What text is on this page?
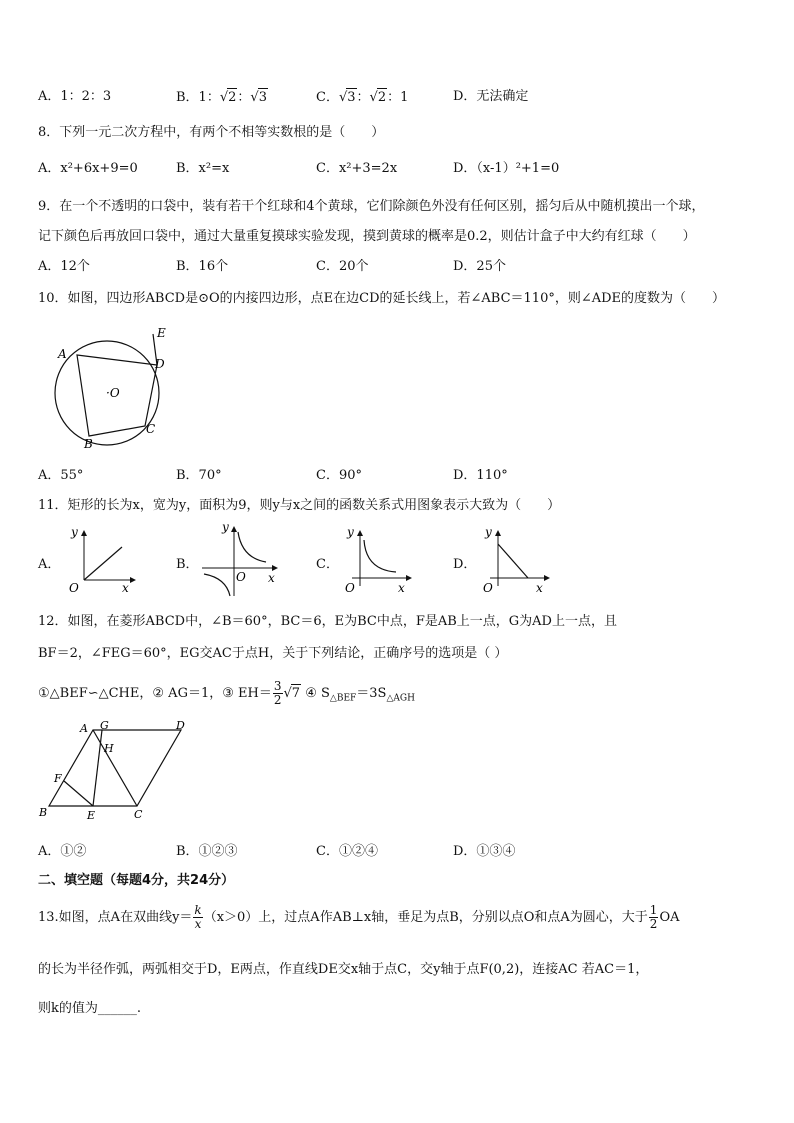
A．1：2：3	B．1：√2：√3	C．√3：√2：1	D．无法确定
8．下列一元二次方程中，有两个不相等实数根的是（　　）
A．x²+6x+9=0	B．x²=x	C．x²+3=2x	D．（x-1）²+1=0
9．在一个不透明的口袋中，装有若干个红球和4个黄球，它们除颜色外没有任何区别，摇匀后从中随机摸出一个球，
记下颜色后再放回口袋中，通过大量重复摸球实验发现，摸到黄球的概率是0.2，则估计盒子中大约有红球（　　）
A．12个	B．16个	C．20个	D．25个
10．如图，四边形ABCD是⊙O的内接四边形，点E在边CD的延长线上，若∠ABC＝110°，则∠ADE的度数为（　　）
A
E
D
·O
C
B
A．55°	B．70°	C．90°	D．110°
11．矩形的长为x，宽为y，面积为9，则y与x之间的函数关系式用图象表示大致为（　　）
A．	B．	C．	D．
y
x
O
y
x
O
y
x
O
y
x
O
12．如图，在菱形ABCD中，∠B＝60°，BC＝6，E为BC中点，F是AB上一点，G为AD上一点，且
BF＝2，∠FEG＝60°，EG交AC于点H，关于下列结论，正确序号的选项是（ ）
①△BEF∽△CHE，② AG＝1，③ $EH= \frac{3}{2} √7$ ④ $S_{\triangle BEF}=3S_{\triangle AGH}$
A G	D
H
F
B	E	C
A．①②	B．①②③	C．①②④	D．①③④
二、填空题（每题4分，共24分）
13.如图，点A在双曲线$y= \frac{k}{x} (x>0)$上，过点A作AB⊥x轴，垂足为点B，分别以点O和点A为圆心，大于 $\frac{1}{2}$ OA
的长为半径作弧，两弧相交于D，E两点，作直线DE交x轴于点C，交y轴于点F(0,2)，连接AC 若AC＝1，
则k的值为______.
